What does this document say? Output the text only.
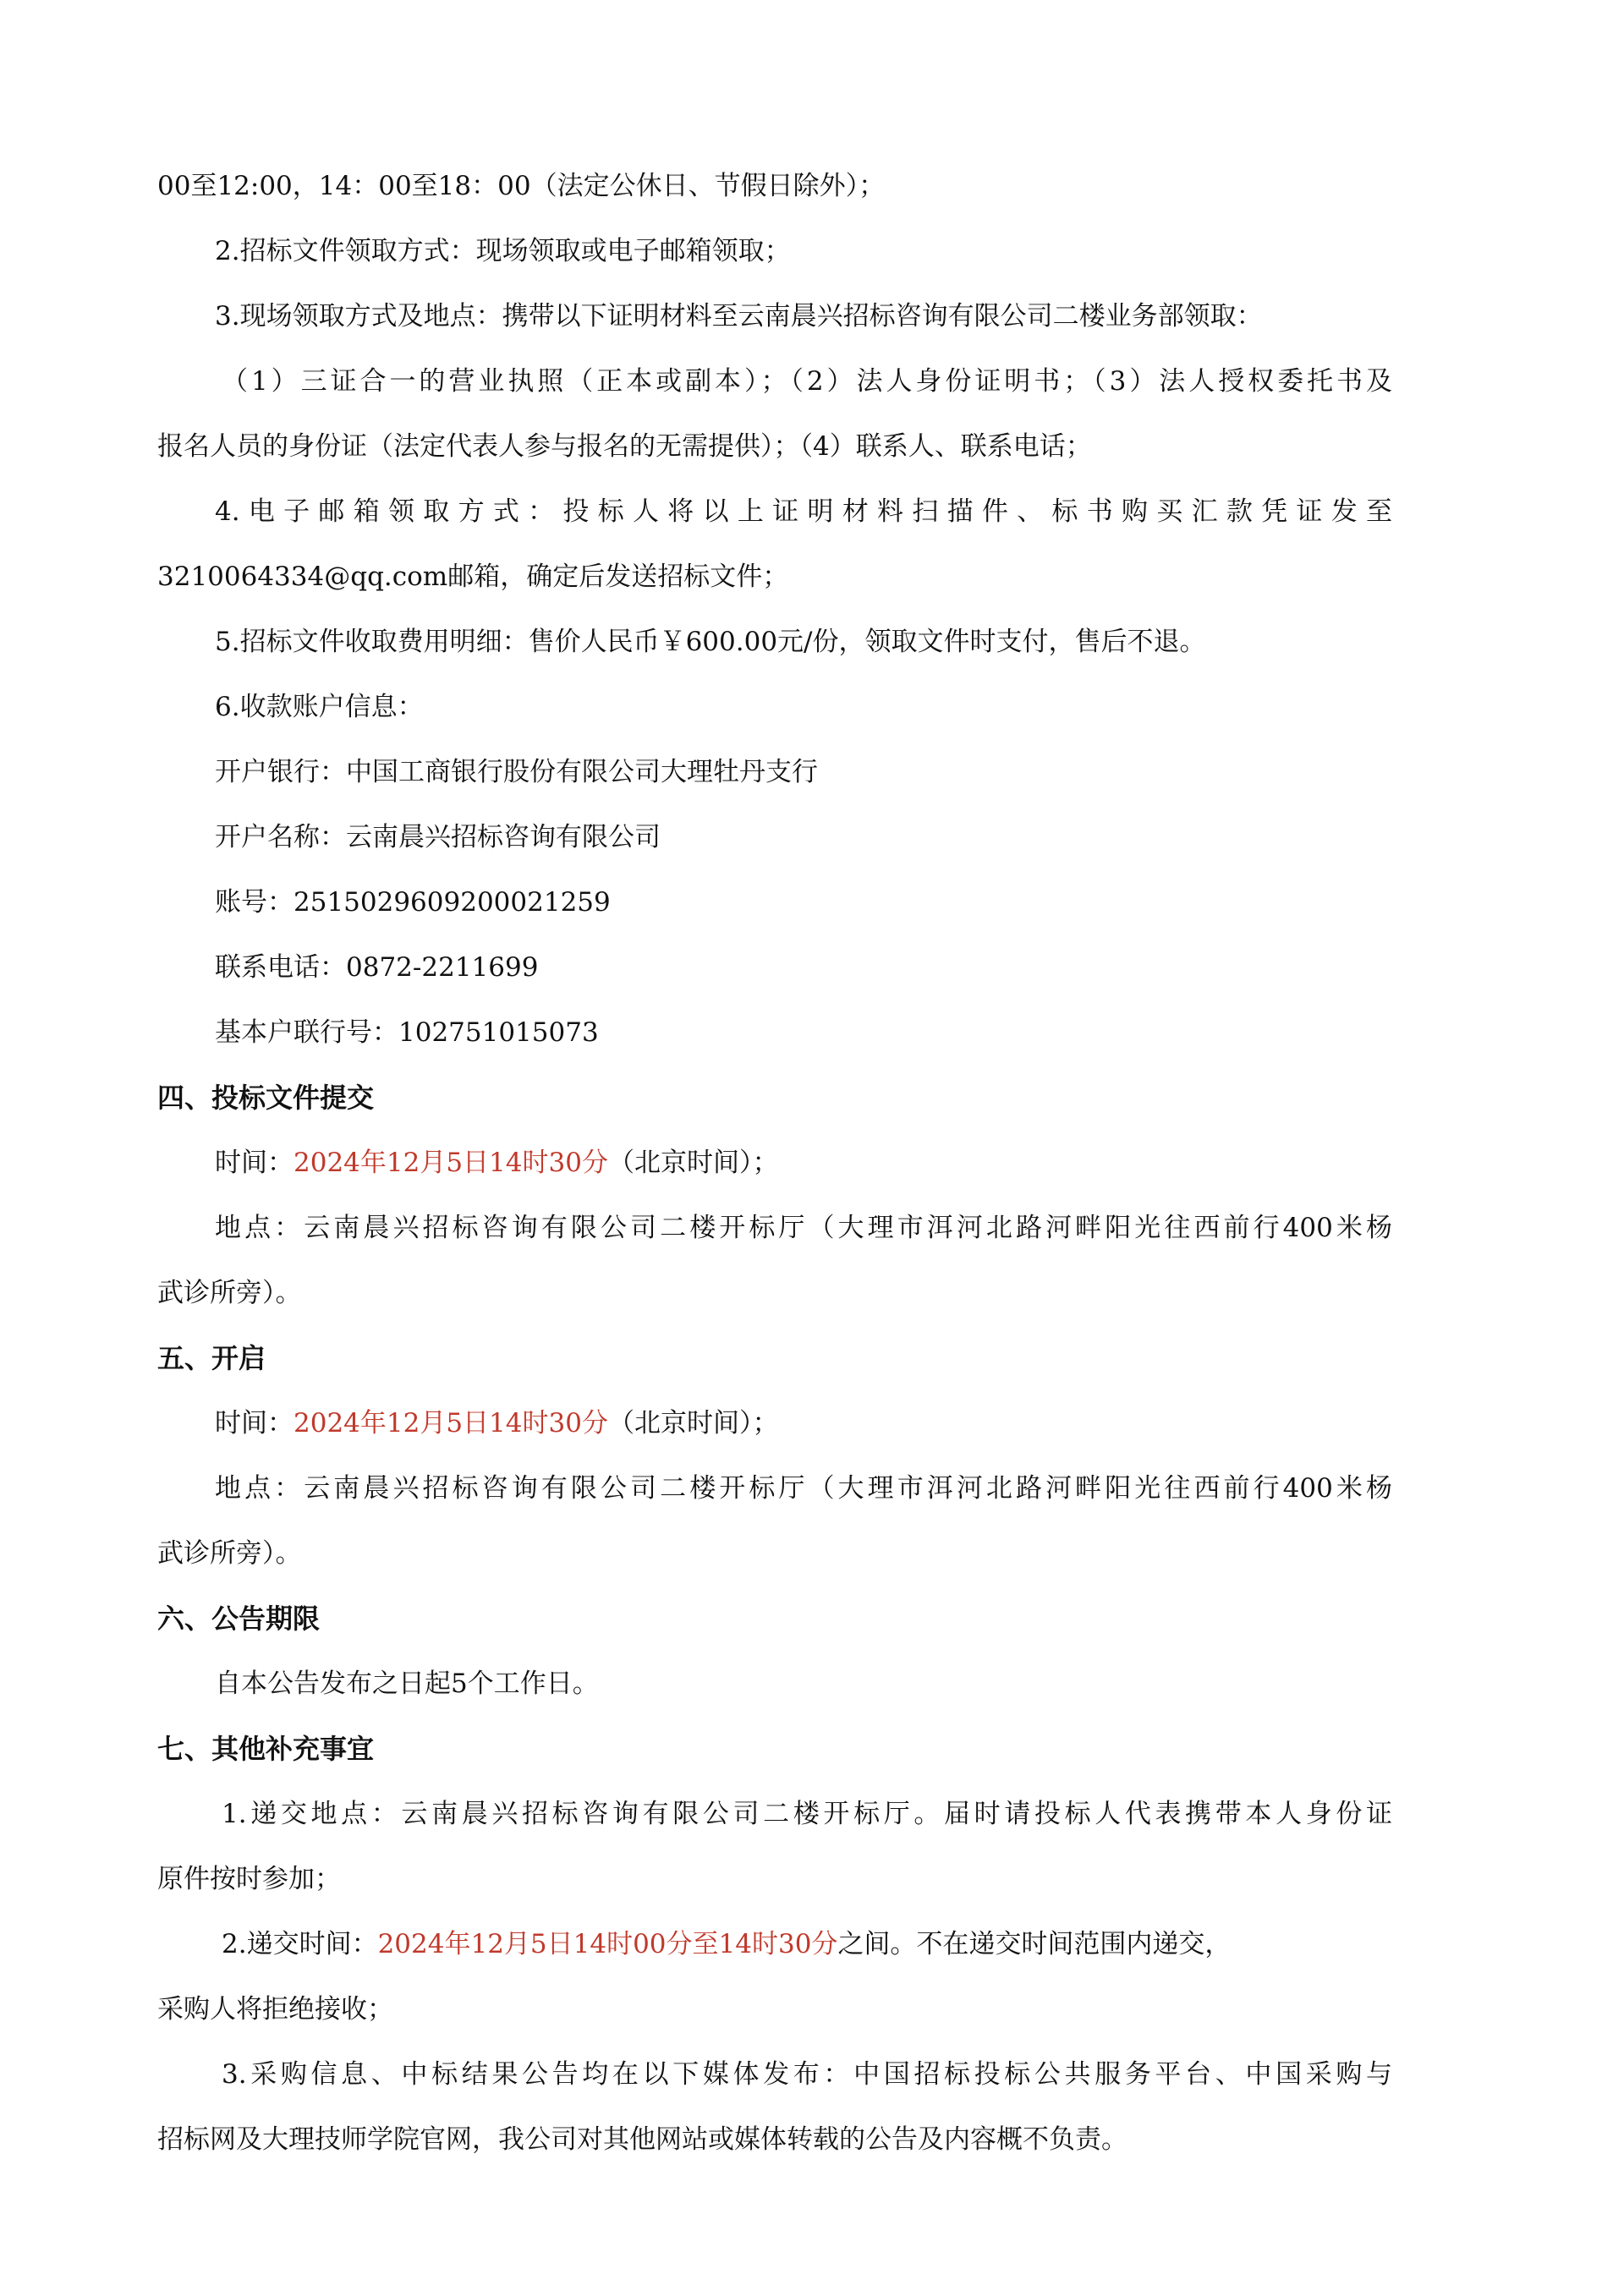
00至12:00，14：00至18：00（法定公休日、节假日除外）；
2.招标文件领取方式：现场领取或电子邮箱领取；
3.现场领取方式及地点：携带以下证明材料至云南晨兴招标咨询有限公司二楼业务部领取：
（1）三证合一的营业执照（正本或副本）；（2）法人身份证明书；（3）法人授权委托书及
报名人员的身份证（法定代表人参与报名的无需提供）；（4）联系人、联系电话；
4.电子邮箱领取方式：投标人将以上证明材料扫描件、标书购买汇款凭证发至
3210064334@qq.com邮箱，确定后发送招标文件；
5.招标文件收取费用明细：售价人民币￥600.00元/份，领取文件时支付，售后不退。
6.收款账户信息：
开户银行：中国工商银行股份有限公司大理牡丹支行
开户名称：云南晨兴招标咨询有限公司
账号：2515029609200021259
联系电话：0872-2211699
基本户联行号：102751015073
四、投标文件提交
时间：2024年12月5日14时30分（北京时间）；
地点：云南晨兴招标咨询有限公司二楼开标厅（大理市洱河北路河畔阳光往西前行400米杨
武诊所旁）。
五、开启
时间：2024年12月5日14时30分（北京时间）；
地点：云南晨兴招标咨询有限公司二楼开标厅（大理市洱河北路河畔阳光往西前行400米杨
武诊所旁）。
六、公告期限
自本公告发布之日起5个工作日。
七、其他补充事宜
1.递交地点：云南晨兴招标咨询有限公司二楼开标厅。届时请投标人代表携带本人身份证
原件按时参加；
2.递交时间：2024年12月5日14时00分至14时30分之间。不在递交时间范围内递交，
采购人将拒绝接收；
3.采购信息、中标结果公告均在以下媒体发布：中国招标投标公共服务平台、中国采购与
招标网及大理技师学院官网，我公司对其他网站或媒体转载的公告及内容概不负责。
